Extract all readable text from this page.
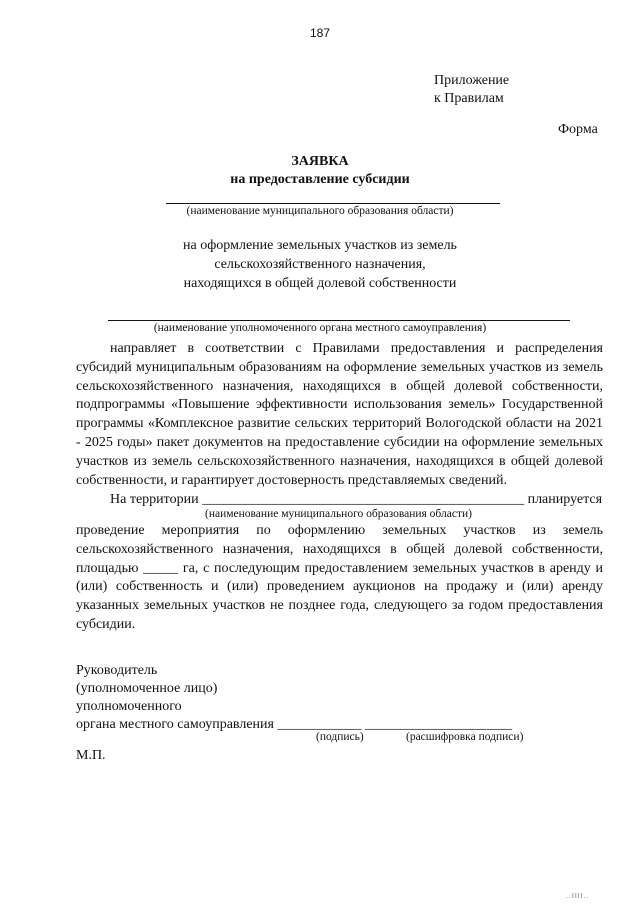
187
Приложение
к Правилам
Форма
ЗАЯВКА
на предоставление субсидии
(наименование муниципального образования области)
на оформление земельных участков из земель
сельскохозяйственного назначения,
находящихся в общей долевой собственности
(наименование уполномоченного органа местного самоуправления)

направляет в соответствии с Правилами предоставления и распределения субсидий муниципальным образованиям на оформление земельных участков из земель сельскохозяйственного назначения, находящихся в общей долевой собственности, подпрограммы «Повышение эффективности использования земель» Государственной программы «Комплексное развитие сельских территорий Вологодской области на 2021 - 2025 годы» пакет документов на предоставление субсидии на оформление земельных участков из земель сельскохозяйственного назначения, находящихся в общей долевой собственности, и гарантирует достоверность представляемых сведений.

На территории ______________________________________________ планируется
(наименование муниципального образования области)

проведение мероприятия по оформлению земельных участков из земель сельскохозяйственного назначения, находящихся в общей долевой собственности, площадью _____ га, с последующим предоставлением земельных участков в аренду и (или) собственность и (или) проведением аукционов на продажу и (или) аренду указанных земельных участков не позднее года, следующего за годом предоставления субсидии.

Руководитель
(уполномоченное лицо)
уполномоченного
органа местного самоуправления ____________ _____________________
(подпись)	(расшифровка подписи)
М.П.
..IIII..
